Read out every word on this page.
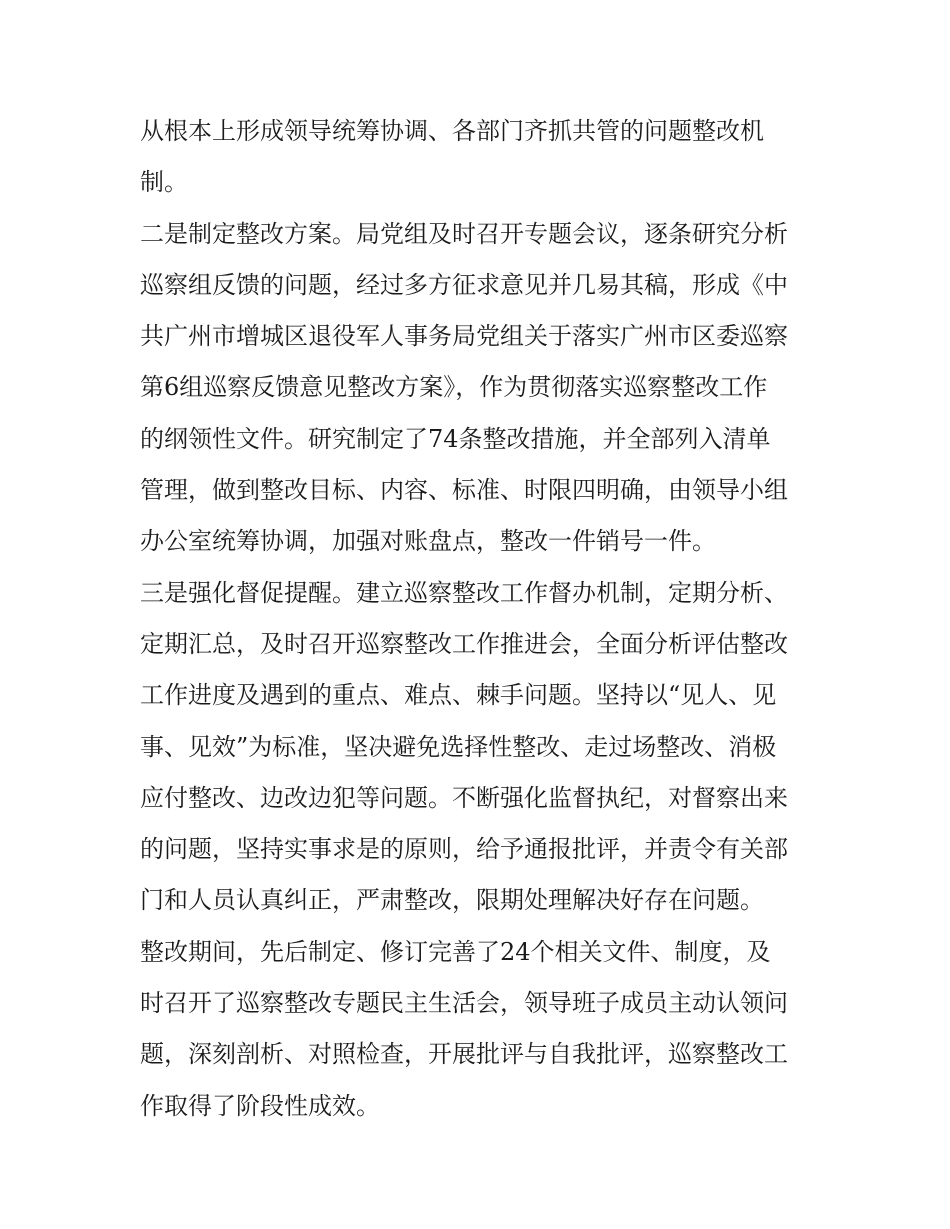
从根本上形成领导统筹协调、各部门齐抓共管的问题整改机
制。
二是制定整改方案。局党组及时召开专题会议，逐条研究分析
巡察组反馈的问题，经过多方征求意见并几易其稿，形成《中
共广州市增城区退役军人事务局党组关于落实广州市区委巡察
第6组巡察反馈意见整改方案》，作为贯彻落实巡察整改工作
的纲领性文件。研究制定了74条整改措施，并全部列入清单
管理，做到整改目标、内容、标准、时限四明确，由领导小组
办公室统筹协调，加强对账盘点，整改一件销号一件。
三是强化督促提醒。建立巡察整改工作督办机制，定期分析、
定期汇总，及时召开巡察整改工作推进会，全面分析评估整改
工作进度及遇到的重点、难点、棘手问题。坚持以“见人、见
事、见效”为标准，坚决避免选择性整改、走过场整改、消极
应付整改、边改边犯等问题。不断强化监督执纪，对督察出来
的问题，坚持实事求是的原则，给予通报批评，并责令有关部
门和人员认真纠正，严肃整改，限期处理解决好存在问题。
整改期间，先后制定、修订完善了24个相关文件、制度，及
时召开了巡察整改专题民主生活会，领导班子成员主动认领问
题，深刻剖析、对照检查，开展批评与自我批评，巡察整改工
作取得了阶段性成效。
